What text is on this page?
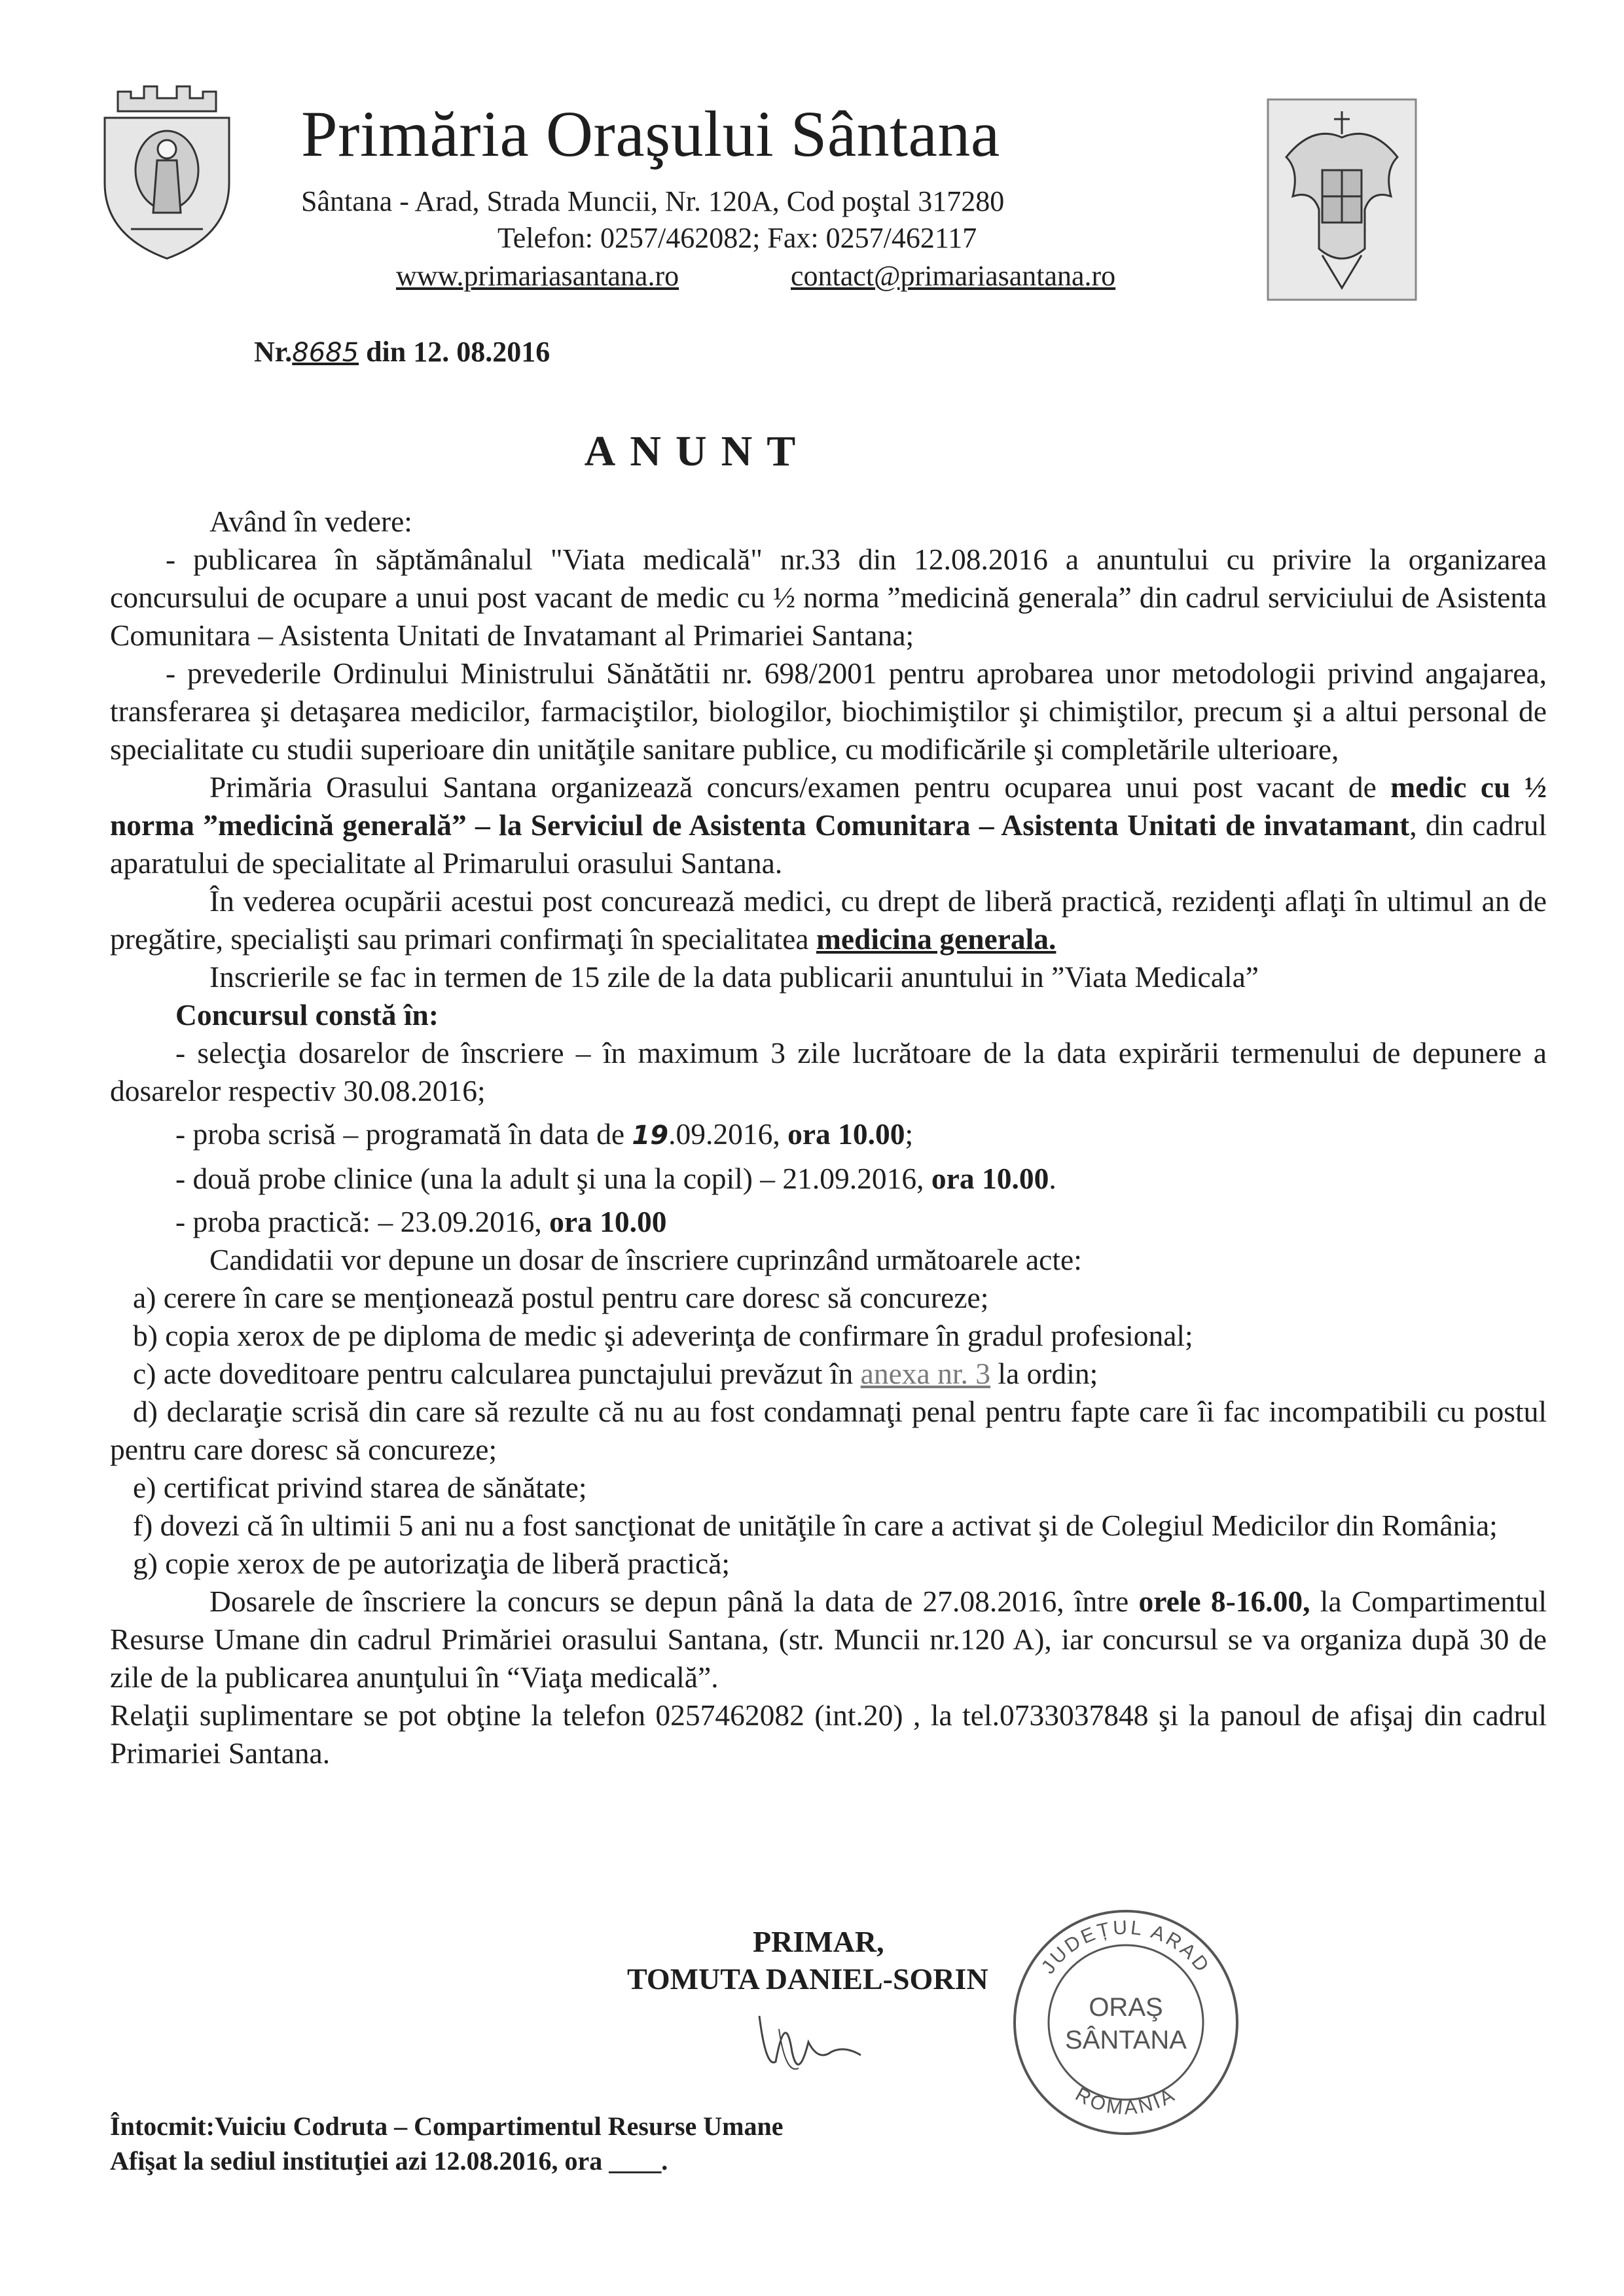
Primăria Oraşului Sântana
Sântana - Arad, Strada Muncii, Nr. 120A, Cod poştal 317280
Telefon: 0257/462082; Fax: 0257/462117
www.primariasantana.ro	contact@primariasantana.ro
Nr.8685 din 12. 08.2016
ANUNT

Având în vedere:

- publicarea în săptămânalul "Viata medicală" nr.33 din 12.08.2016 a anuntului cu privire la organizarea concursului de ocupare a unui post vacant de medic cu ½ norma ”medicină generala” din cadrul serviciului de Asistenta Comunitara – Asistenta Unitati de Invatamant al Primariei Santana;

- prevederile Ordinului Ministrului Sănătătii nr. 698/2001 pentru aprobarea unor metodologii privind angajarea, transferarea şi detaşarea medicilor, farmaciştilor, biologilor, biochimiştilor şi chimiştilor, precum şi a altui personal de specialitate cu studii superioare din unităţile sanitare publice, cu modificările şi completările ulterioare,

Primăria Orasului Santana organizează concurs/examen pentru ocuparea unui post vacant de medic cu ½ norma ”medicină generală” – la Serviciul de Asistenta Comunitara – Asistenta Unitati de invatamant, din cadrul aparatului de specialitate al Primarului orasului Santana.

În vederea ocupării acestui post concurează medici, cu drept de liberă practică, rezidenţi aflaţi în ultimul an de pregătire, specialişti sau primari confirmaţi în specialitatea medicina generala.

Inscrierile se fac in termen de 15 zile de la data publicarii anuntului in ”Viata Medicala”

Concursul constă în:

- selecţia dosarelor de înscriere – în maximum 3 zile lucrătoare de la data expirării termenului de depunere a dosarelor respectiv 30.08.2016;

- proba scrisă – programată în data de 19.09.2016, ora 10.00;

- două probe clinice (una la adult şi una la copil) – 21.09.2016, ora 10.00.

- proba practică: – 23.09.2016, ora 10.00

Candidatii vor depune un dosar de înscriere cuprinzând următoarele acte:

a) cerere în care se menţionează postul pentru care doresc să concureze;

b) copia xerox de pe diploma de medic şi adeverinţa de confirmare în gradul profesional;

c) acte doveditoare pentru calcularea punctajului prevăzut în anexa nr. 3 la ordin;

d) declaraţie scrisă din care să rezulte că nu au fost condamnaţi penal pentru fapte care îi fac incompatibili cu postul pentru care doresc să concureze;

e) certificat privind starea de sănătate;

f) dovezi că în ultimii 5 ani nu a fost sancţionat de unităţile în care a activat şi de Colegiul Medicilor din România;

g) copie xerox de pe autorizaţia de liberă practică;

Dosarele de înscriere la concurs se depun până la data de 27.08.2016, între orele 8-16.00, la Compartimentul Resurse Umane din cadrul Primăriei orasului Santana, (str. Muncii nr.120 A), iar concursul se va organiza după 30 de zile de la publicarea anunţului în “Viaţa medicală”.

Relaţii suplimentare se pot obţine la telefon 0257462082 (int.20) , la tel.0733037848 şi la panoul de afişaj din cadrul Primariei Santana.

PRIMAR,
TOMUTA DANIEL-SORIN JUDEȚUL ARAD
ROMANIA
ORAŞ
SÂNTANA
Întocmit:Vuiciu Codruta – Compartimentul Resurse Umane
Afişat la sediul instituţiei azi 12.08.2016, ora ____.
